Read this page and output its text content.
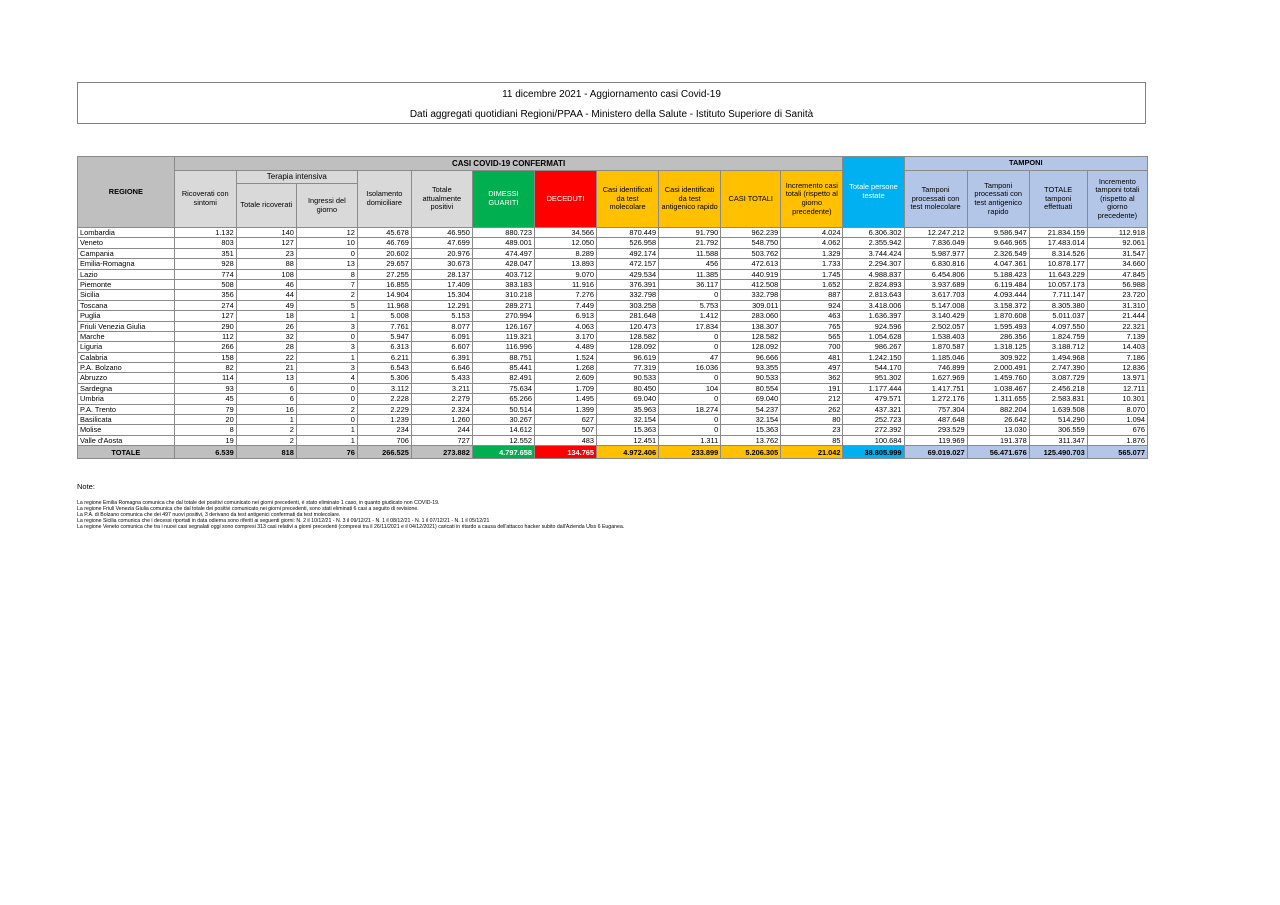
11 dicembre 2021 - Aggiornamento casi Covid-19
Dati aggregati quotidiani Regioni/PPAA - Ministero della Salute - Istituto Superiore di Sanità
REGIONE	CASI COVID-19 CONFERMATI											Totale persone testate	TAMPONI			
	Ricoverati con sintomi	Terapia intensiva		Isolamento domiciliare	Totale attualmente positivi	DIMESSI GUARITI	DECEDUTI	Casi identificati da test molecolare	Casi identificati da test antigenico rapido	CASI TOTALI	Incremento casi totali (rispetto al giorno precedente)		Tamponi processati con test molecolare	Tamponi processati con test antigenico rapido	TOTALE tamponi effettuati	Incremento tamponi totali (rispetto al giorno precedente)
		Totale ricoverati	Ingressi del giorno													
Lombardia	1.132	140	12	45.678	46.950	880.723	34.566	870.449	91.790	962.239	4.024	6.306.302	12.247.212	9.586.947	21.834.159	112.918
Veneto	803	127	10	46.769	47.699	489.001	12.050	526.958	21.792	548.750	4.062	2.355.942	7.836.049	9.646.965	17.483.014	92.061
Campania	351	23	0	20.602	20.976	474.497	8.289	492.174	11.588	503.762	1.329	3.744.424	5.987.977	2.326.549	8.314.526	31.547
Emilia-Romagna	928	88	13	29.657	30.673	428.047	13.893	472.157	456	472.613	1.733	2.294.307	6.830.816	4.047.361	10.878.177	34.660
Lazio	774	108	8	27.255	28.137	403.712	9.070	429.534	11.385	440.919	1.745	4.988.837	6.454.806	5.188.423	11.643.229	47.845
Piemonte	508	46	7	16.855	17.409	383.183	11.916	376.391	36.117	412.508	1.652	2.824.893	3.937.689	6.119.484	10.057.173	56.988
Sicilia	356	44	2	14.904	15.304	310.218	7.276	332.798	0	332.798	887	2.813.643	3.617.703	4.093.444	7.711.147	23.720
Toscana	274	49	5	11.968	12.291	289.271	7.449	303.258	5.753	309.011	924	3.418.006	5.147.008	3.158.372	8.305.380	31.310
Puglia	127	18	1	5.008	5.153	270.994	6.913	281.648	1.412	283.060	463	1.636.397	3.140.429	1.870.608	5.011.037	21.444
Friuli Venezia Giulia	290	26	3	7.761	8.077	126.167	4.063	120.473	17.834	138.307	765	924.596	2.502.057	1.595.493	4.097.550	22.321
Marche	112	32	0	5.947	6.091	119.321	3.170	128.582	0	128.582	565	1.054.628	1.538.403	286.356	1.824.759	7.139
Liguria	266	28	3	6.313	6.607	116.996	4.489	128.092	0	128.092	700	986.267	1.870.587	1.318.125	3.188.712	14.403
Calabria	158	22	1	6.211	6.391	88.751	1.524	96.619	47	96.666	481	1.242.150	1.185.046	309.922	1.494.968	7.186
P.A. Bolzano	82	21	3	6.543	6.646	85.441	1.268	77.319	16.036	93.355	497	544.170	746.899	2.000.491	2.747.390	12.836
Abruzzo	114	13	4	5.306	5.433	82.491	2.609	90.533	0	90.533	362	951.302	1.627.969	1.459.760	3.087.729	13.971
Sardegna	93	6	0	3.112	3.211	75.634	1.709	80.450	104	80.554	191	1.177.444	1.417.751	1.038.467	2.456.218	12.711
Umbria	45	6	0	2.228	2.279	65.266	1.495	69.040	0	69.040	212	479.571	1.272.176	1.311.655	2.583.831	10.301
P.A. Trento	79	16	2	2.229	2.324	50.514	1.399	35.963	18.274	54.237	262	437.321	757.304	882.204	1.639.508	8.070
Basilicata	20	1	0	1.239	1.260	30.267	627	32.154	0	32.154	80	252.723	487.648	26.642	514.290	1.094
Molise	8	2	1	234	244	14.612	507	15.363	0	15.363	23	272.392	293.529	13.030	306.559	676
Valle d'Aosta	19	2	1	706	727	12.552	483	12.451	1.311	13.762	85	100.684	119.969	191.378	311.347	1.876
TOTALE	6.539	818	76	266.525	273.882	4.797.658	134.765	4.972.406	233.899	5.206.305	21.042	38.805.999	69.019.027	56.471.676	125.490.703	565.077
Note:
La regione Emilia Romagna comunica che dal totale dei positivi comunicato nei giorni precedenti, è stato eliminato 1 caso, in quanto giudicato non COVID-19.
La regione Friuli Venezia Giulia comunica che dal totale dei positivi comunicato nei giorni precedenti, sono stati eliminati 6 casi a seguito di revisione.
La P.A. di Bolzano comunica che dei 497 nuovi positivi, 3 derivano da test antigenici confermati da test molecolare.
La regione Sicilia comunica che i decessi riportati in data odierna sono riferiti ai seguenti giorni: N. 2 il 10/12/21 - N. 3 il 09/12/21 - N. 1 il 08/12/21 - N. 1 il 07/12/21 - N. 1 il 05/12/21
La regione Veneto comunica che tra i nuovi casi segnalati oggi sono compresi 313 casi relativi a giorni precedenti (compresi tra il 26/11/2021 e il 04/12/2021) caricati in ritardo a causa dell'attacco hacker subito dall'Azienda Ulss 6 Euganea.
